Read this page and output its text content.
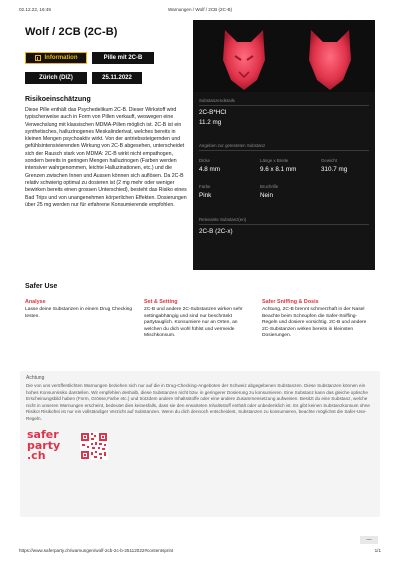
02.12.22, 16:49	Warnungen / Wolf / 2CB (2C-B)
Wolf / 2CB (2C-B)
Information	Pille mit 2C-B
Zürich (DIZ)	25.11.2022
Risikoeinschätzung
Diese Pille enthält das Psychedelikum 2C-B. Dieser Wirkstoff wird typischerweise auch in Form von Pillen verkauft, weswegen eine Verwechslung mit klassischen MDMA-Pillen möglich ist. 2C-B ist ein synthetisches, halluzinogenes Meskalinderivat, welches bereits in kleinen Mengen psychoaktiv wirkt. Von der antriebssteigernden und gefühlsintensivierenden Wirkung von 2C-B abgesehen, unterscheidet sich der Rausch stark von MDMA: 2C-B wirkt nicht empathogen, sondern bereits in geringen Mengen halluzinogen (Farben werden intensiver wahrgenommen, leichte Halluzinationen, etc.) und die Grenzen zwischen Innen und Aussen können sich auflösen. Da 2C-B relativ schwierig optimal zu dosieren ist (2 mg mehr oder weniger bewirken bereits einen grossen Unterschied), besteht das Risiko eines Bad Trips und von unangenehmen körperlichen Effekten. Dosierungen über 25 mg werden nur für erfahrene Konsumierende empfohlen.
Substanzendetails
2C-B*HCl
11.2 mg
Angeben zur getesteten Substanz
Dicke
4.8 mm
Länge x Breite
9.6 x 8.1 mm
Gewicht
310.7 mg
Farbe
Pink
Bruchrille
Nein
Relevante Substanz(en)
2C-B (2C-x)
Safer Use
Analyse
Lasse deine Substanzen in einem Drug Checking testen.
Set & Setting
2C-B und andere 2C-Substanzen wirken sehr settingabhängig und sind nur beschränkt partytauglich. Konsumiere nur an Orten, an welchen du dich wohl fühlst und vermeide Mischkonsum.
Safer Sniffing & Dosis
Achtung, 2C-B brennt schmerzhaft in der Nasel Beachte beim Schnupfen die Safer-Sniffing-Regeln und dosiere vorsichtig. 2C-B und andere 2C-Substanzen wirken bereits in kleinsten Dosierungen.
Achtung
Die von uns veröffentlichten Warnungen beziehen sich nur auf die in Drug-Checking-Angeboten der Schweiz abgegebenen Substanzen. Diese Substanzen können ein hohes Konsumrisiko darstellen. Wir empfehlen deshalb, diese Substanzen nicht bzw. in geringerer Dosierung zu konsumieren. Eine Substanz kann das gleiche optische Erscheinungsbild haben (Form, Grösse,Farbe etc.) und trotzdem andere Inhaltsstoffe oder eine andere Zusammensetzung aufweisen. Besitzt du eine Substanz, welche nicht in unseren Warnungen erscheint, bedeutet dies keinesfalls, dass sie den erwarteten Inhaltsstoff enthält oder unbedenklich ist. Es gibt keinen Substanzkonsum ohne Risiko! Risikofrei ist nur ein vollständiger Verzicht auf Substanzen. Wenn du dich dennoch entscheidest, Substanzen zu konsumieren, beachte möglichst die Safer-Use-Regeln.
safer
party
.ch
—
https://www.saferparty.ch/warnungen/wolf-2cb-2c-b-25112022#contentsprint	1/1
